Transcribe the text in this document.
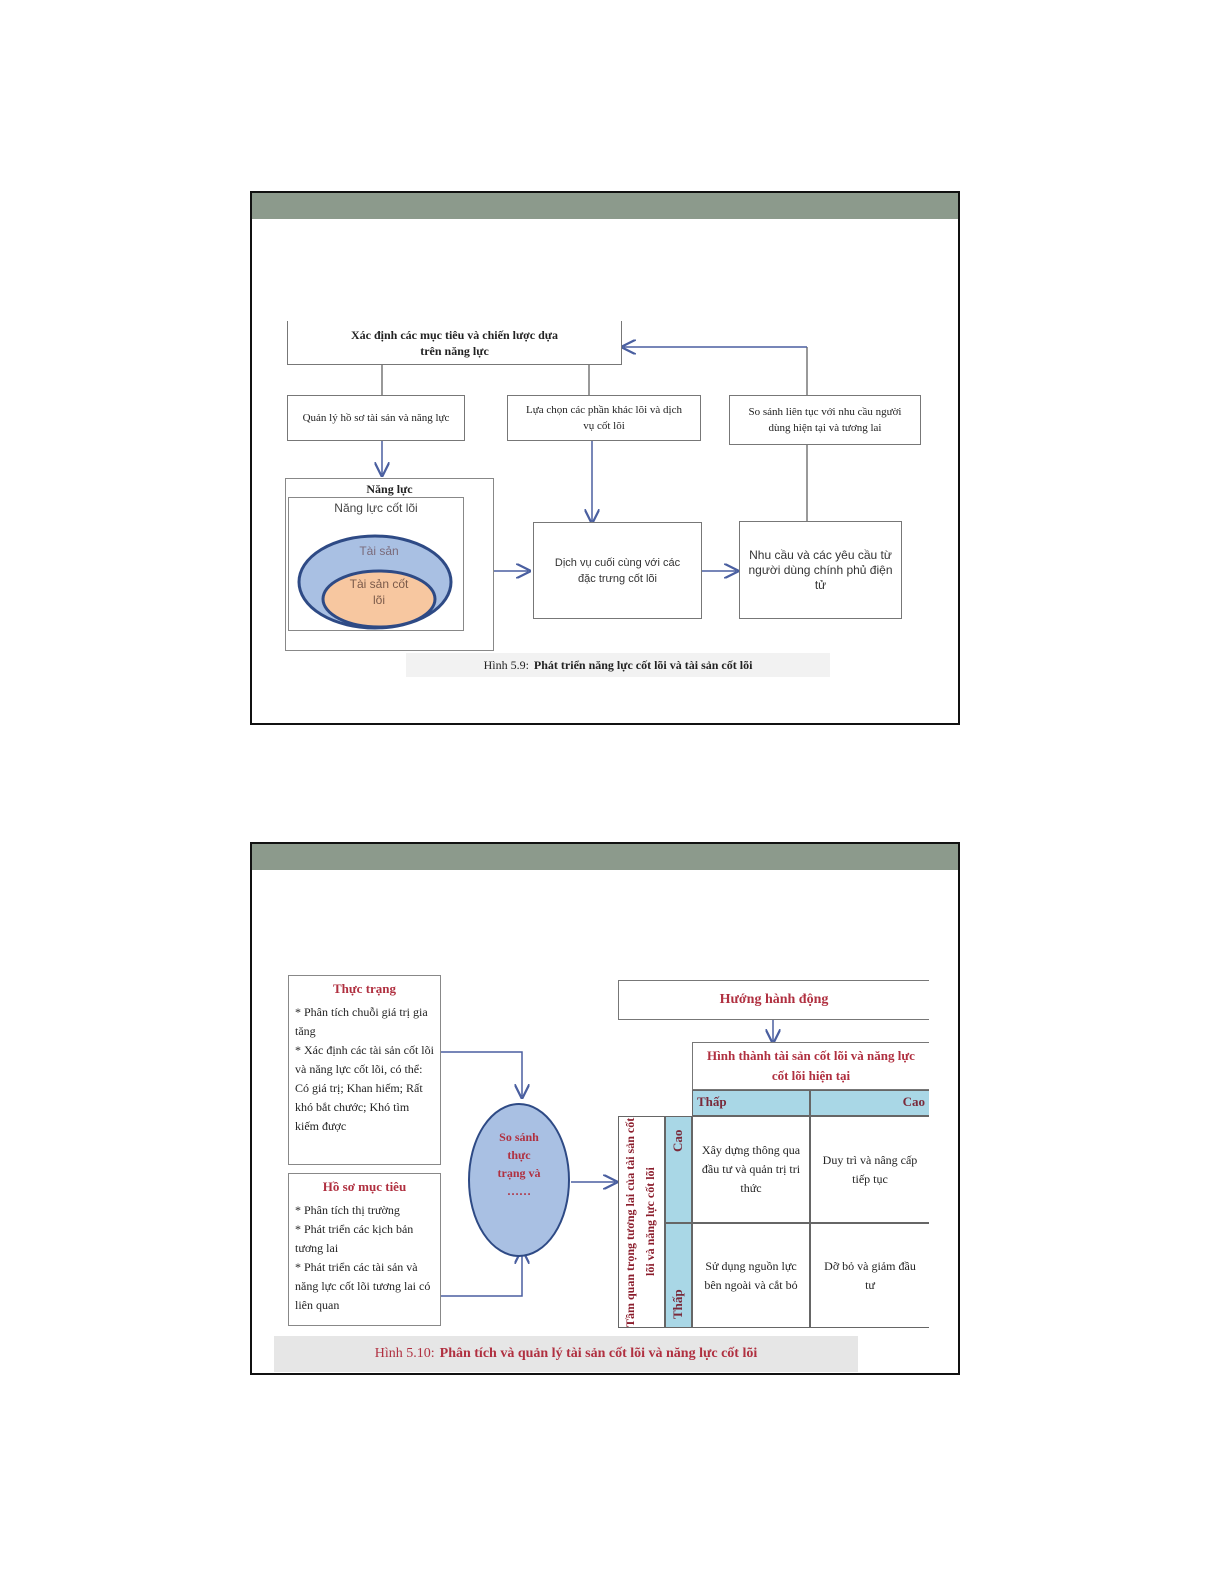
Xác định các mục tiêu và chiến lược dựa trên năng lực
Quản lý hồ sơ tài sản và năng lực
Lựa chọn các phần khác lõi và dịch vụ cốt lõi
So sánh liên tục với nhu cầu người dùng hiện tại và tương lai
Năng lực
Năng lực cốt lõi
Tài sản
Tài sản cốt lõi
Dịch vụ cuối cùng với các đặc trưng cốt lõi
Nhu cầu và các yêu cầu từ người dùng chính phủ điện tử
Hình 5.9: Phát triển năng lực cốt lõi và tài sản cốt lõi
Thực trạng
* Phân tích chuỗi giá trị gia tăng
* Xác định các tài sản cốt lõi và năng lực cốt lõi, có thể: Có giá trị; Khan hiếm; Rất khó bắt chước; Khó tìm kiếm được
Hồ sơ mục tiêu
* Phân tích thị trường
* Phát triển các kịch bản tương lai
* Phát triển các tài sản và năng lực cốt lõi tương lai có liên quan
So sánh thực trạng và ……
Hướng hành động
Hình thành tài sản cốt lõi và năng lực cốt lõi hiện tại
Thấp	Cao
Tầm quan trọng tương lai của tài sản cốt lõi và năng lực cốt lõi
Cao
Thấp
Xây dựng thông qua đầu tư và quản trị tri thức
Duy trì và nâng cấp tiếp tục
Sử dụng nguồn lực bên ngoài và cắt bỏ
Dỡ bỏ và giảm đầu tư
Hình 5.10: Phân tích và quản lý tài sản cốt lõi và năng lực cốt lõi
